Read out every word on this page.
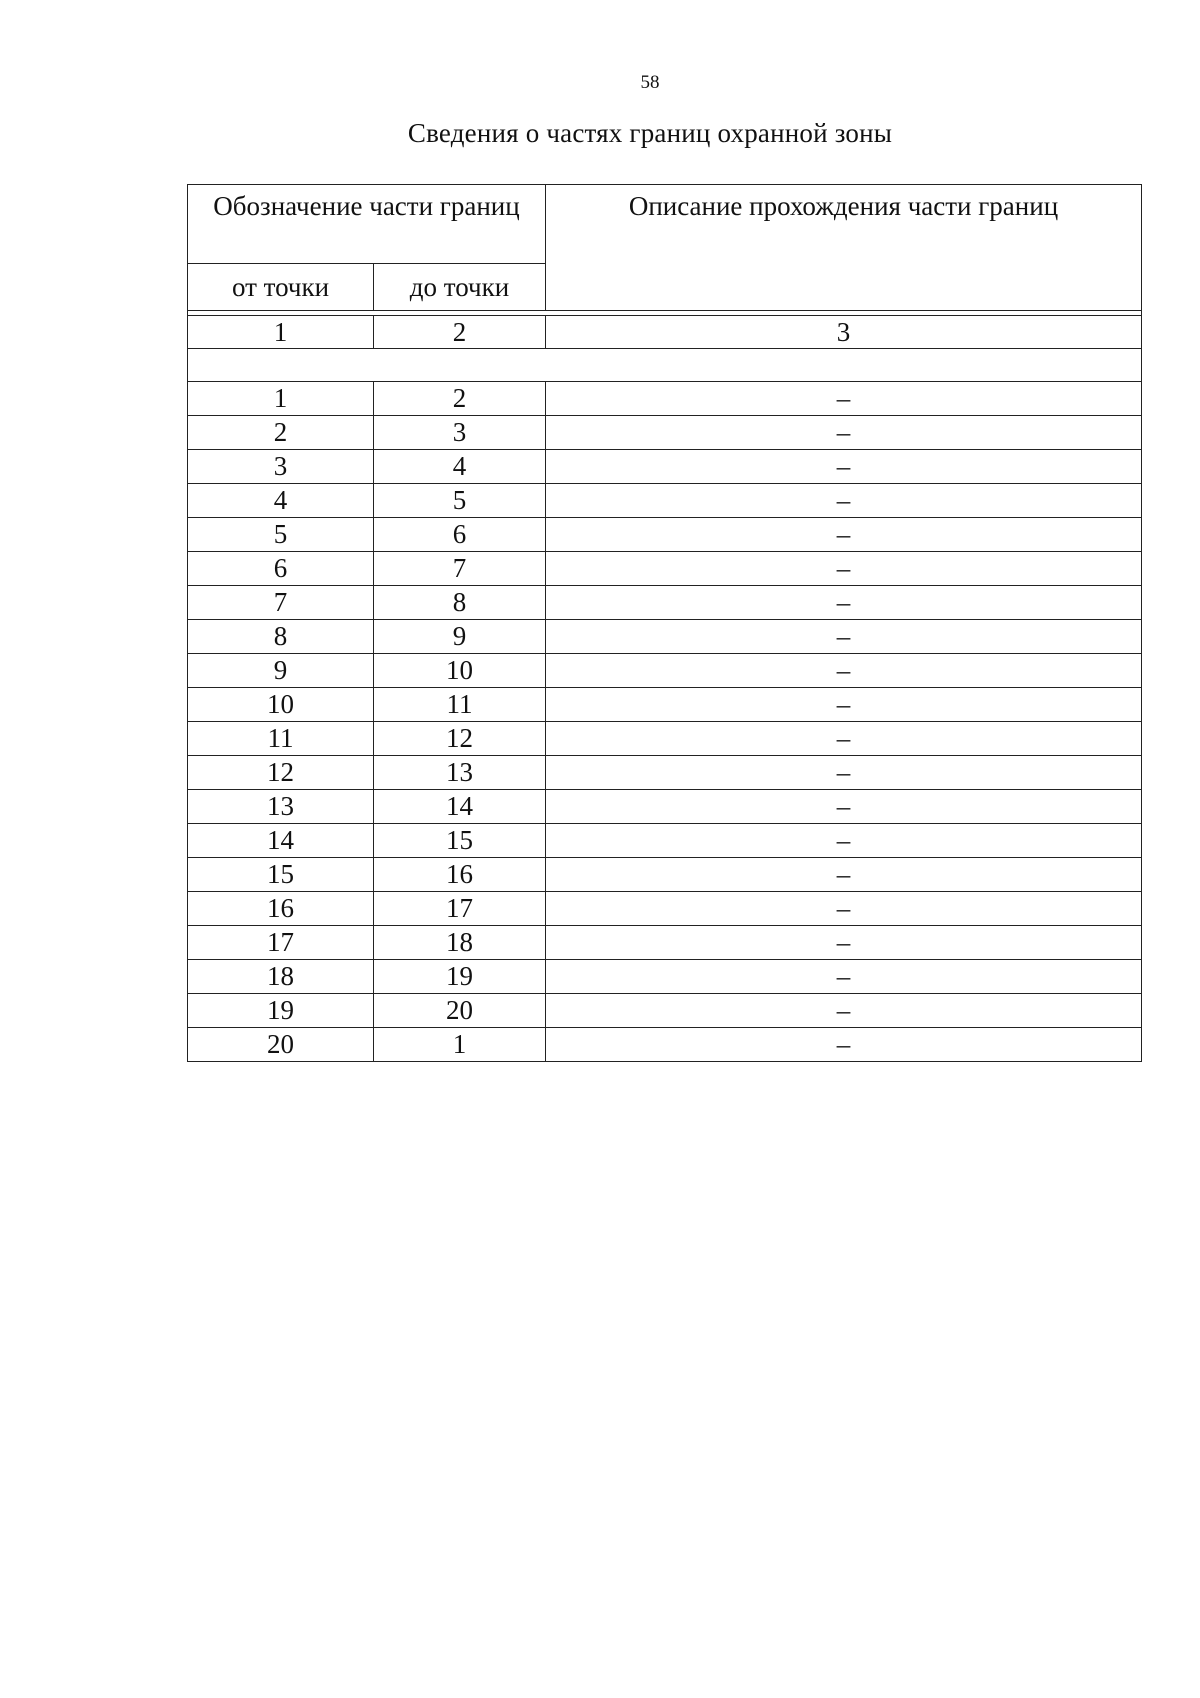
58
Сведения о частях границ охранной зоны
Обозначение части границ		Описание прохождения части границ
от точки	до точки	

1	2	3

1	2	–
2	3	–
3	4	–
4	5	–
5	6	–
6	7	–
7	8	–
8	9	–
9	10	–
10	11	–
11	12	–
12	13	–
13	14	–
14	15	–
15	16	–
16	17	–
17	18	–
18	19	–
19	20	–
20	1	–
